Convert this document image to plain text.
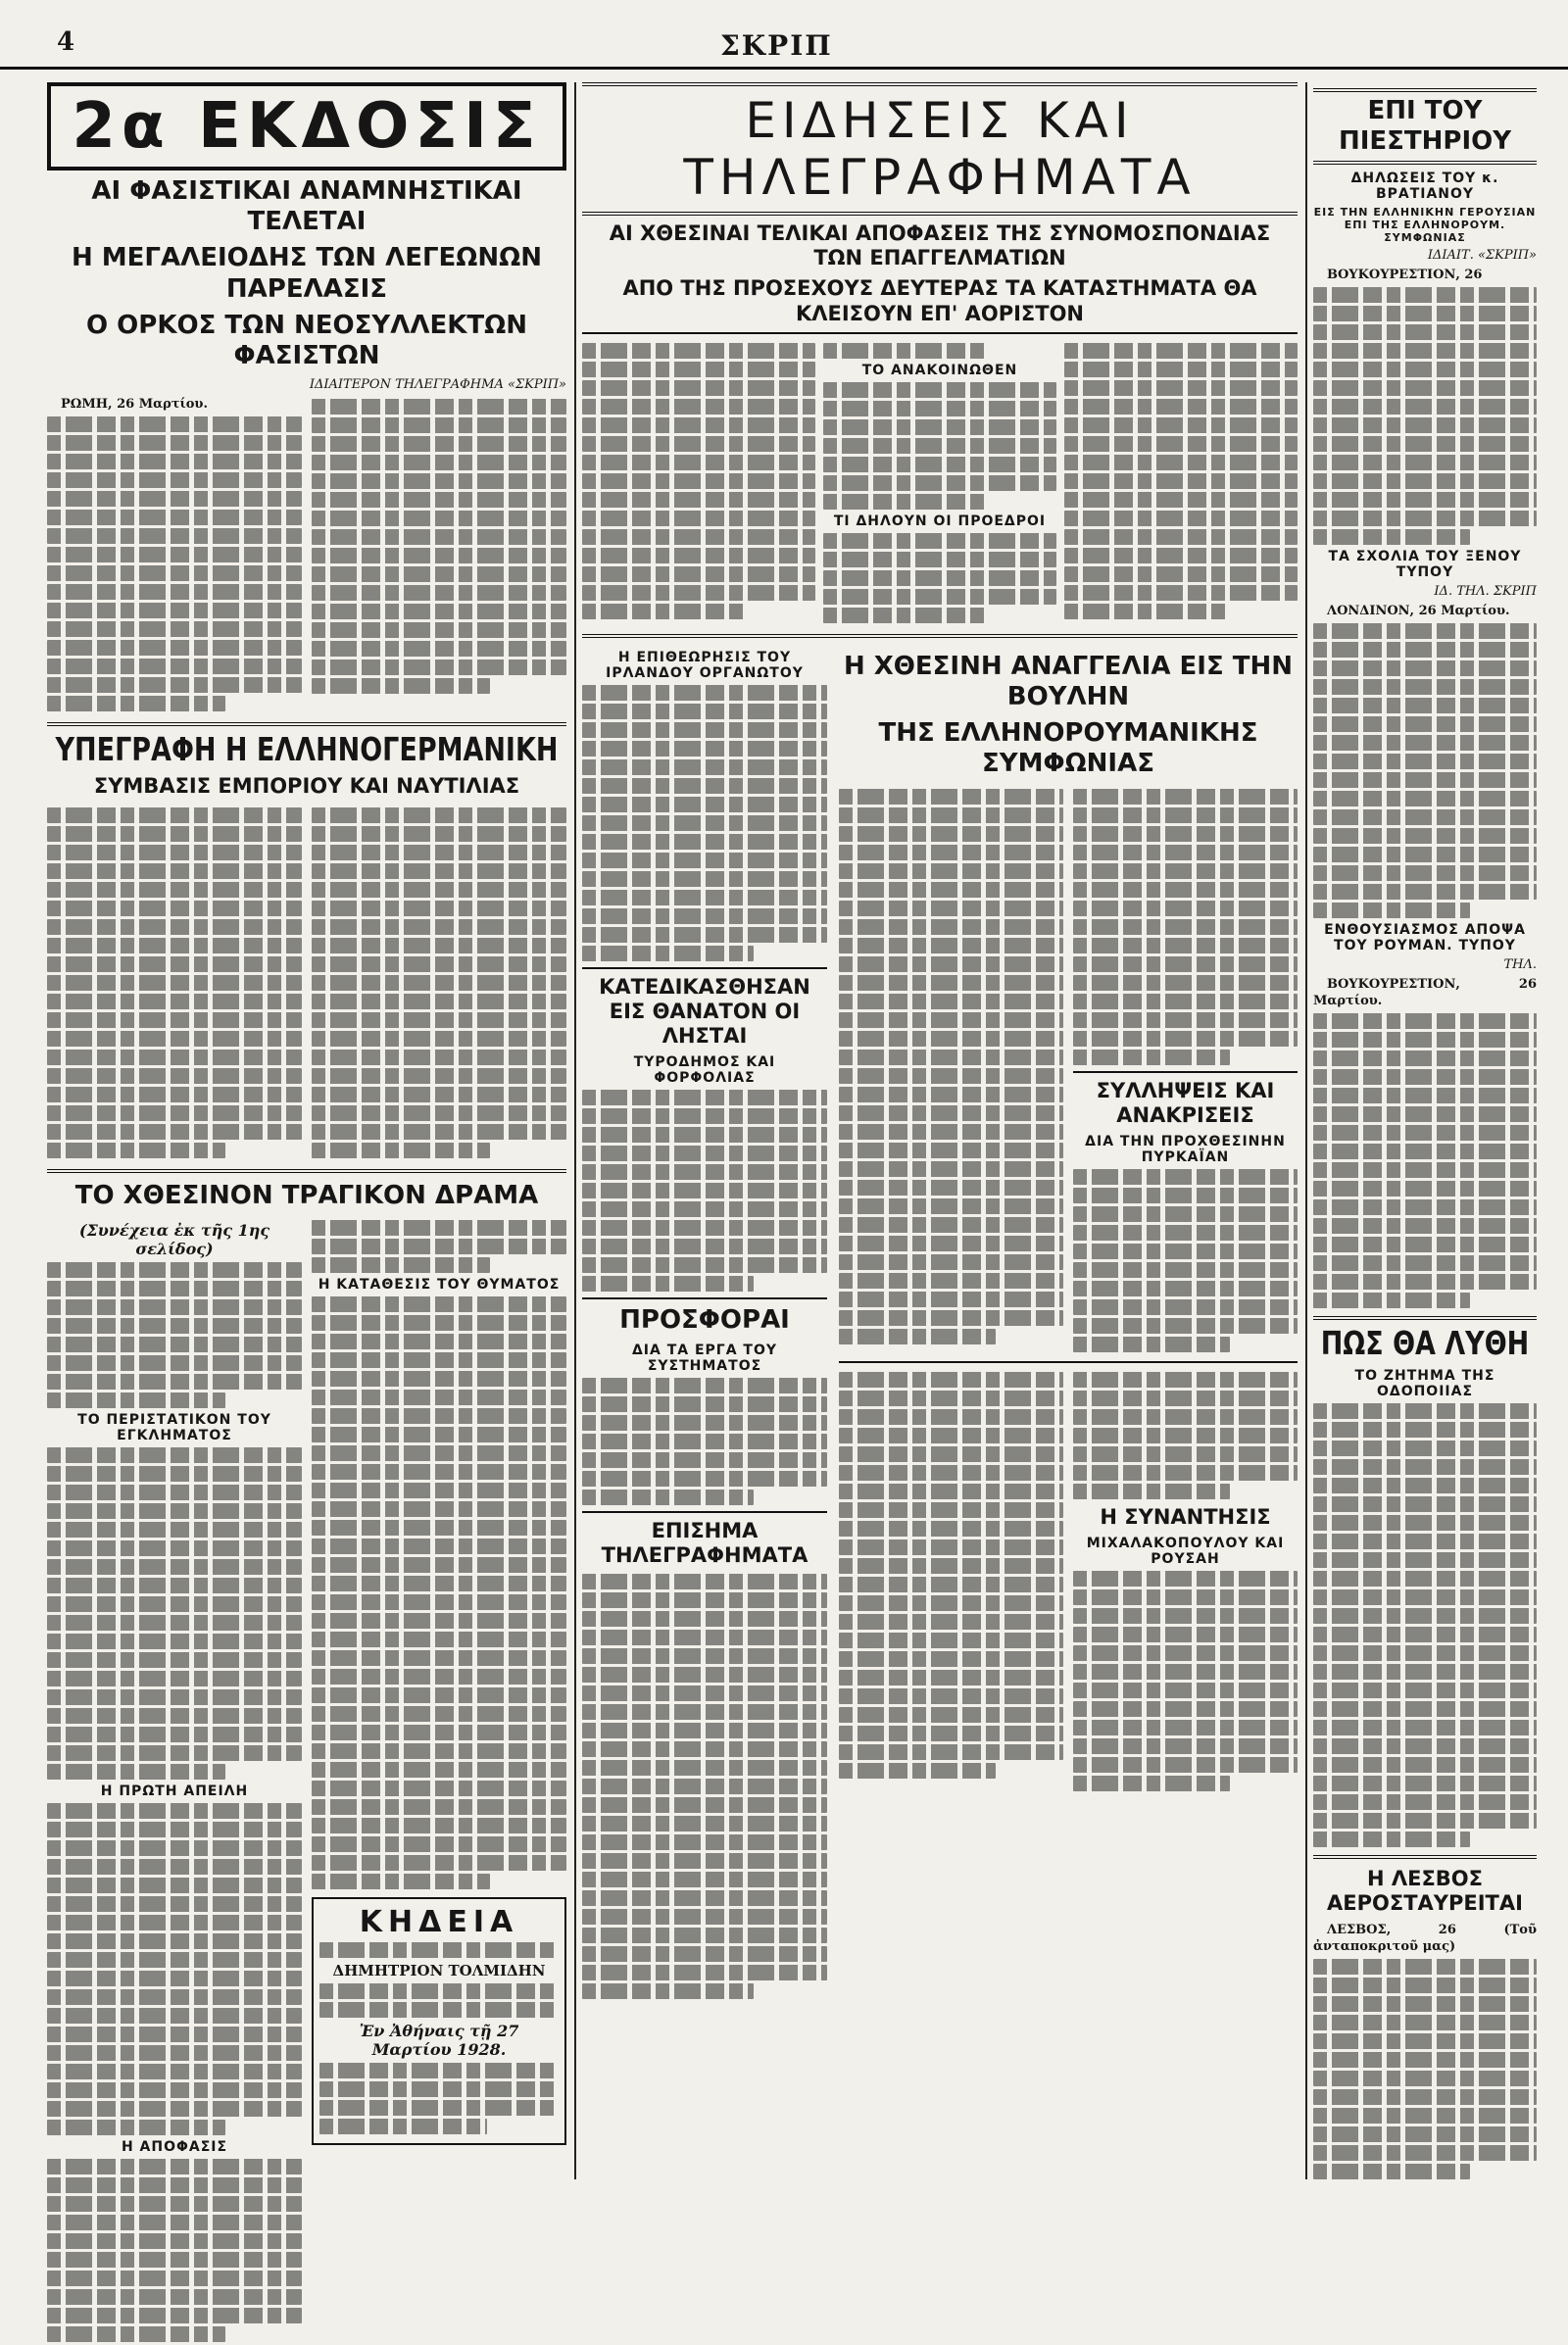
4	ΣΚΡΙΠ
2α ΕΚΔΟΣΙΣ
ΑΙ ΦΑΣΙΣΤΙΚΑΙ ΑΝΑΜΝΗΣΤΙΚΑΙ ΤΕΛΕΤΑΙ
Η ΜΕΓΑΛΕΙΟΔΗΣ ΤΩΝ ΛΕΓΕΩΝΩΝ ΠΑΡΕΛΑΣΙΣ
Ο ΟΡΚΟΣ ΤΩΝ ΝΕΟΣΥΛΛΕΚΤΩΝ ΦΑΣΙΣΤΩΝ
ΙΔΙΑΙΤΕΡΟΝ ΤΗΛΕΓΡΑΦΗΜΑ «ΣΚΡΙΠ»

ΡΩΜΗ, 26 Μαρτίου.

ΥΠΕΓΡΑΦΗ Η ΕΛΛΗΝΟΓΕΡΜΑΝΙΚΗ
ΣΥΜΒΑΣΙΣ ΕΜΠΟΡΙΟΥ ΚΑΙ ΝΑΥΤΙΛΙΑΣ
ΤΟ ΧΘΕΣΙΝΟΝ ΤΡΑΓΙΚΟΝ ΔΡΑΜΑ
(Συνέχεια ἐκ τῆς 1ης σελίδος)
ΤΟ ΠΕΡΙΣΤΑΤΙΚΟΝ ΤΟΥ ΕΓΚΛΗΜΑΤΟΣ
Η ΠΡΩΤΗ ΑΠΕΙΛΗ
Η ΑΠΟΦΑΣΙΣ
Η ΚΑΤΑΘΕΣΙΣ ΤΟΥ ΘΥΜΑΤΟΣ
ΚΗΔΕΙΑ
ΔΗΜΗΤΡΙΟΝ ΤΟΛΜΙΔΗΝ
Ἐν Ἀθήναις τῇ 27 Μαρτίου 1928.
ΕΙΔΗΣΕΙΣ ΚΑΙ ΤΗΛΕΓΡΑΦΗΜΑΤΑ
ΑΙ ΧΘΕΣΙΝΑΙ ΤΕΛΙΚΑΙ ΑΠΟΦΑΣΕΙΣ ΤΗΣ ΣΥΝΟΜΟΣΠΟΝΔΙΑΣ ΤΩΝ ΕΠΑΓΓΕΛΜΑΤΙΩΝ
ΑΠΟ ΤΗΣ ΠΡΟΣΕΧΟΥΣ ΔΕΥΤΕΡΑΣ ΤΑ ΚΑΤΑΣΤΗΜΑΤΑ ΘΑ ΚΛΕΙΣΟΥΝ ΕΠ' ΑΟΡΙΣΤΟΝ
ΤΟ ΑΝΑΚΟΙΝΩΘΕΝ
ΤΙ ΔΗΛΟΥΝ ΟΙ ΠΡΟΕΔΡΟΙ
Η ΕΠΙΘΕΩΡΗΣΙΣ ΤΟΥ ΙΡΛΑΝΔΟΥ ΟΡΓΑΝΩΤΟΥ
ΚΑΤΕΔΙΚΑΣΘΗΣΑΝ ΕΙΣ ΘΑΝΑΤΟΝ ΟΙ ΛΗΣΤΑΙ
ΤΥΡΟΔΗΜΟΣ ΚΑΙ ΦΟΡΦΟΛΙΑΣ
ΠΡΟΣΦΟΡΑΙ
ΔΙΑ ΤΑ ΕΡΓΑ ΤΟΥ ΣΥΣΤΗΜΑΤΟΣ
ΕΠΙΣΗΜΑ ΤΗΛΕΓΡΑΦΗΜΑΤΑ
Η ΧΘΕΣΙΝΗ ΑΝΑΓΓΕΛΙΑ ΕΙΣ ΤΗΝ ΒΟΥΛΗΝ
ΤΗΣ ΕΛΛΗΝΟΡΟΥΜΑΝΙΚΗΣ ΣΥΜΦΩΝΙΑΣ
ΣΥΛΛΗΨΕΙΣ ΚΑΙ ΑΝΑΚΡΙΣΕΙΣ
ΔΙΑ ΤΗΝ ΠΡΟΧΘΕΣΙΝΗΝ ΠΥΡΚΑΪΑΝ
Η ΣΥΝΑΝΤΗΣΙΣ
ΜΙΧΑΛΑΚΟΠΟΥΛΟΥ ΚΑΙ ΡΟΥΣΑΗ
ΕΠΙ ΤΟΥ ΠΙΕΣΤΗΡΙΟΥ
ΔΗΛΩΣΕΙΣ ΤΟΥ κ. ΒΡΑΤΙΑΝΟΥ
ΕΙΣ ΤΗΝ ΕΛΛΗΝΙΚΗΝ ΓΕΡΟΥΣΙΑΝ ΕΠΙ ΤΗΣ ΕΛΛΗΝΟΡΟΥΜ. ΣΥΜΦΩΝΙΑΣ
ΙΔΙΑΙΤ. «ΣΚΡΙΠ»

ΒΟΥΚΟΥΡΕΣΤΙΟΝ, 26

ΤΑ ΣΧΟΛΙΑ ΤΟΥ ΞΕΝΟΥ ΤΥΠΟΥ
ΙΔ. ΤΗΛ. ΣΚΡΙΠ

ΛΟΝΔΙΝΟΝ, 26 Μαρτίου.

ΕΝΘΟΥΣΙΑΣΜΟΣ ΑΠΟΨΑ ΤΟΥ ΡΟΥΜΑΝ. ΤΥΠΟΥ
ΤΗΛ.

ΒΟΥΚΟΥΡΕΣΤΙΟΝ, 26 Μαρτίου.

ΠΩΣ ΘΑ ΛΥΘΗ
ΤΟ ΖΗΤΗΜΑ ΤΗΣ ΟΔΟΠΟΙΙΑΣ
Η ΛΕΣΒΟΣ ΑΕΡΟΣΤΑΥΡΕΙΤΑΙ

ΛΕΣΒΟΣ, 26 (Τοῦ ἀνταποκριτοῦ μας)
